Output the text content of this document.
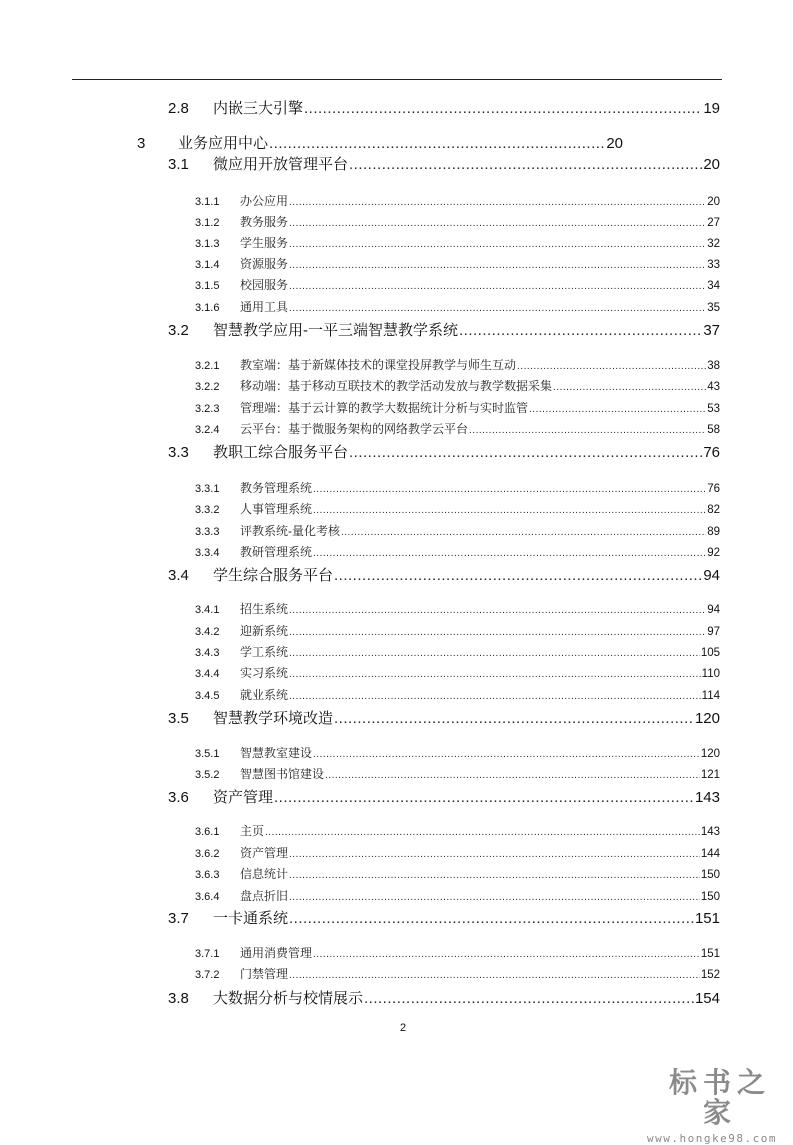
2.8	内嵌三大引擎 .....	19
3	业务应用中心 .....	20
3.1	微应用开放管理平台 .....	20
3.1.1	办公应用 .....	20
3.1.2	教务服务 .....	27
3.1.3	学生服务 .....	32
3.1.4	资源服务 .....	33
3.1.5	校园服务 .....	34
3.1.6	通用工具 .....	35
3.2	智慧教学应用-一平三端智慧教学系统 .....	37
3.2.1	教室端：基于新媒体技术的课堂投屏教学与师生互动 .....	38
3.2.2	移动端：基于移动互联技术的教学活动发放与教学数据采集 .....	43
3.2.3	管理端：基于云计算的教学大数据统计分析与实时监管 .....	53
3.2.4	云平台：基于微服务架构的网络教学云平台 .....	58
3.3	教职工综合服务平台 .....	76
3.3.1	教务管理系统 .....	76
3.3.2	人事管理系统 .....	82
3.3.3	评教系统-量化考核 .....	89
3.3.4	教研管理系统 .....	92
3.4	学生综合服务平台 .....	94
3.4.1	招生系统 .....	94
3.4.2	迎新系统 .....	97
3.4.3	学工系统 .....	105
3.4.4	实习系统 .....	110
3.4.5	就业系统 .....	114
3.5	智慧教学环境改造 .....	120
3.5.1	智慧教室建设 .....	120
3.5.2	智慧图书馆建设 .....	121
3.6	资产管理 .....	143
3.6.1	主页 .....	143
3.6.2	资产管理 .....	144
3.6.3	信息统计 .....	150
3.6.4	盘点折旧 .....	150
3.7	一卡通系统 .....	151
3.7.1	通用消费管理 .....	151
3.7.2	门禁管理 .....	152
3.8	大数据分析与校情展示 .....	154
2
标书之家
www.hongke98.com
